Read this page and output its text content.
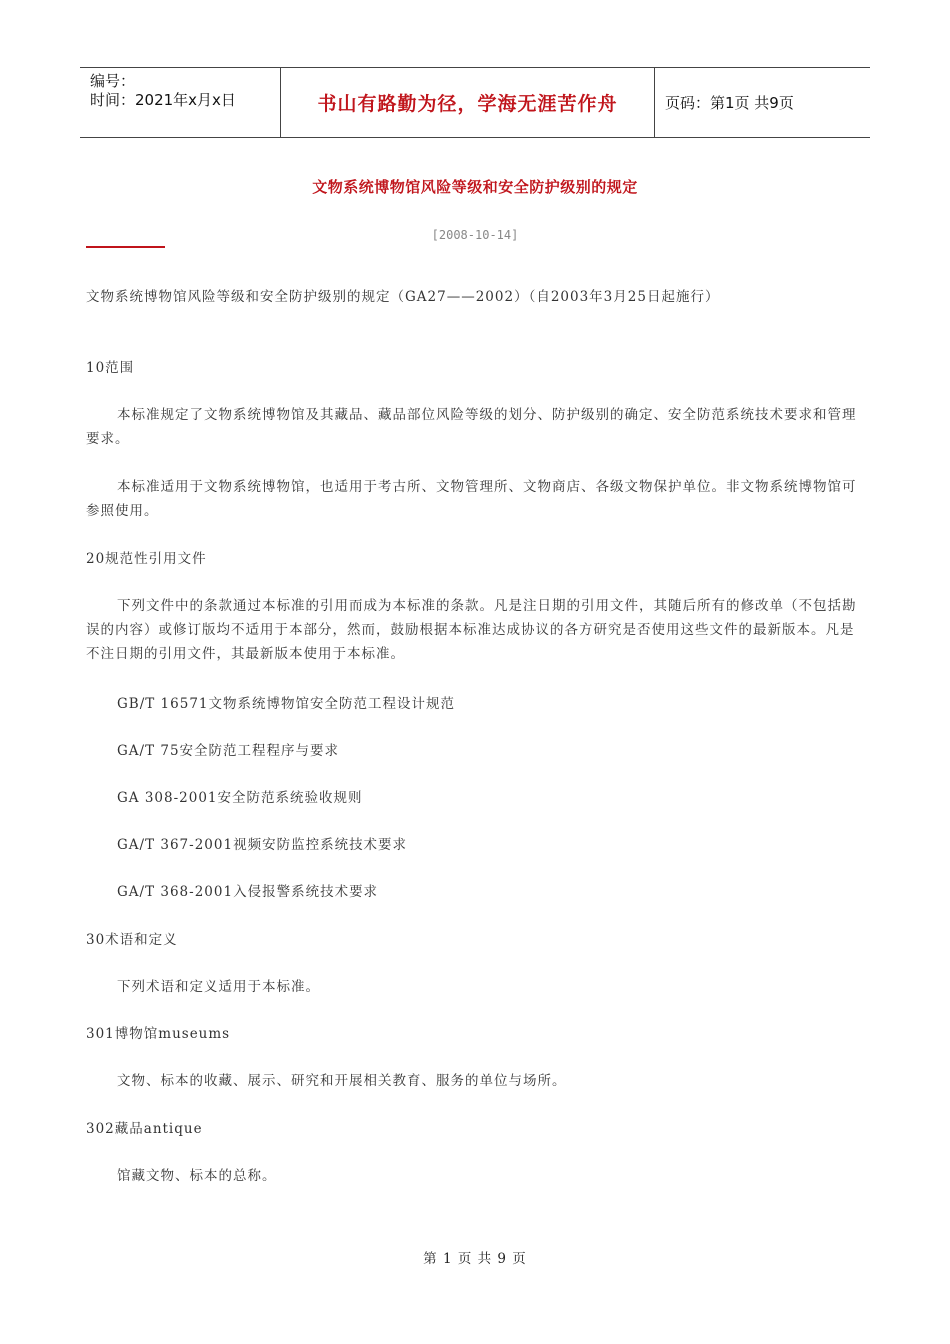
编号：
时间：2021年x月x日	书山有路勤为径，学海无涯苦作舟	页码：第1页 共9页
文物系统博物馆风险等级和安全防护级别的规定
[2008-10-14]

文物系统博物馆风险等级和安全防护级别的规定（GA27——2002）（自2003年3月25日起施行）

10范围

本标准规定了文物系统博物馆及其藏品、藏品部位风险等级的划分、防护级别的确定、安全防范系统技术要求和管理要求。

本标准适用于文物系统博物馆，也适用于考古所、文物管理所、文物商店、各级文物保护单位。非文物系统博物馆可参照使用。

20规范性引用文件

下列文件中的条款通过本标准的引用而成为本标准的条款。凡是注日期的引用文件，其随后所有的修改单（不包括勘误的内容）或修订版均不适用于本部分，然而，鼓励根据本标准达成协议的各方研究是否使用这些文件的最新版本。凡是不注日期的引用文件，其最新版本使用于本标准。

GB/T 16571文物系统博物馆安全防范工程设计规范

GA/T 75安全防范工程程序与要求

GA 308-2001安全防范系统验收规则

GA/T 367-2001视频安防监控系统技术要求

GA/T 368-2001入侵报警系统技术要求

30术语和定义

下列术语和定义适用于本标准。

301博物馆museums

文物、标本的收藏、展示、研究和开展相关教育、服务的单位与场所。

302藏品antique

馆藏文物、标本的总称。

第 1 页 共 9 页
